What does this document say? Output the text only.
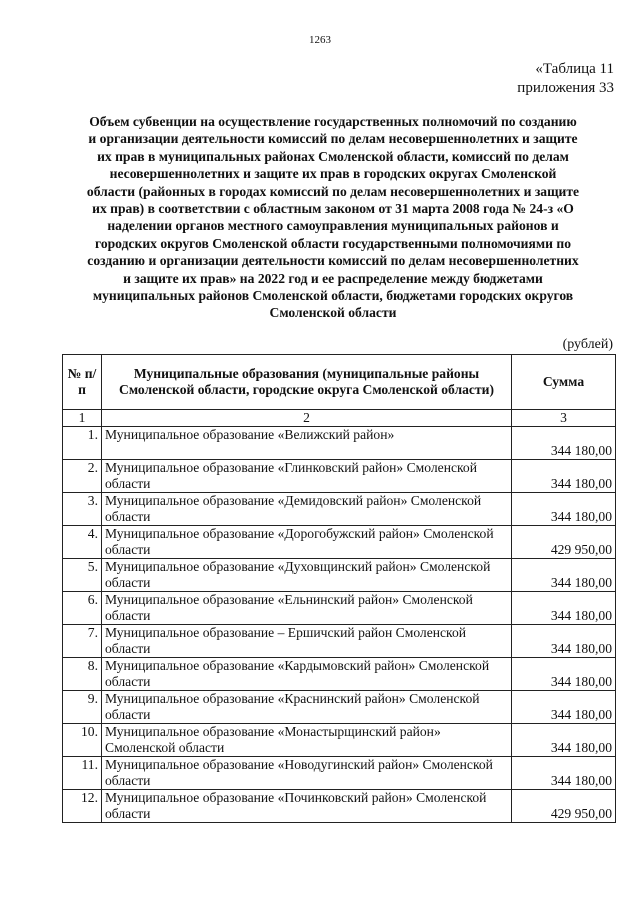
1263
«Таблица 11
приложения 33
Объем субвенции на осуществление государственных полномочий по созданию
и организации деятельности комиссий по делам несовершеннолетних и защите
их прав в муниципальных районах Смоленской области, комиссий по делам
несовершеннолетних и защите их прав в городских округах Смоленской
области (районных в городах комиссий по делам несовершеннолетних и защите
их прав) в соответствии с областным законом от 31 марта 2008 года № 24-з «О
наделении органов местного самоуправления муниципальных районов и
городских округов Смоленской области государственными полномочиями по
созданию и организации деятельности комиссий по делам несовершеннолетних
и защите их прав» на 2022 год и ее распределение между бюджетами
муниципальных районов Смоленской области, бюджетами городских округов
Смоленской области
(рублей)
№ п/п	Муниципальные образования (муниципальные районы Смоленской области, городские округа Смоленской области)	Сумма
1	2	3
1.	Муниципальное образование «Велижский район»	344 180,00
2.	Муниципальное образование «Глинковский район» Смоленской области	344 180,00
3.	Муниципальное образование «Демидовский район» Смоленской области	344 180,00
4.	Муниципальное образование «Дорогобужский район» Смоленской области	429 950,00
5.	Муниципальное образование «Духовщинский район» Смоленской области	344 180,00
6.	Муниципальное образование «Ельнинский район» Смоленской области	344 180,00
7.	Муниципальное образование – Ершичский район Смоленской области	344 180,00
8.	Муниципальное образование «Кардымовский район» Смоленской области	344 180,00
9.	Муниципальное образование «Краснинский район» Смоленской области	344 180,00
10.	Муниципальное образование «Монастырщинский район» Смоленской области	344 180,00
11.	Муниципальное образование «Новодугинский район» Смоленской области	344 180,00
12.	Муниципальное образование «Починковский район» Смоленской области	429 950,00
